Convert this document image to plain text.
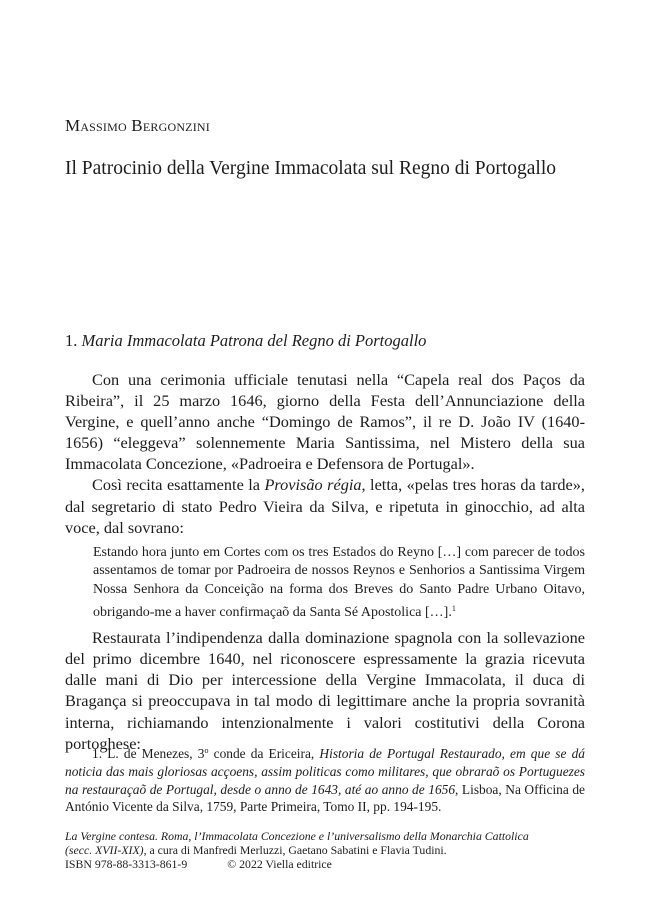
Massimo Bergonzini
Il Patrocinio della Vergine Immacolata sul Regno di Portogallo
1. Maria Immacolata Patrona del Regno di Portogallo

Con una cerimonia ufficiale tenutasi nella “Capela real dos Paços da Ribeira”, il 25 marzo 1646, giorno della Festa dell’Annunciazione della Vergine, e quell’anno anche “Domingo de Ramos”, il re D. João IV (1640-1656) “eleggeva” solennemente Maria Santissima, nel Mistero della sua Immacolata Concezione, «Padroeira e Defensora de Portugal».

Così recita esattamente la Provisão régia, letta, «pelas tres horas da tarde», dal segretario di stato Pedro Vieira da Silva, e ripetuta in ginocchio, ad alta voce, dal sovrano:

Estando hora junto em Cortes com os tres Estados do Reyno […] com parecer de todos assentamos de tomar por Padroeira de nossos Reynos e Senhorios a Santissima Virgem Nossa Senhora da Conceição na forma dos Breves do Santo Padre Urbano Oitavo, obrigando-me a haver confirmaçaõ da Santa Sé Apostolica […].$^1$

Restaurata l’indipendenza dalla dominazione spagnola con la sollevazione del primo dicembre 1640, nel riconoscere espressamente la grazia ricevuta dalle mani di Dio per intercessione della Vergine Immacolata, il duca di Bragança si preoccupava in tal modo di legittimare anche la propria sovranità interna, richiamando intenzionalmente i valori costitutivi della Corona portoghese:

1. L. de Menezes, 3$^o$ conde da Ericeira, Historia de Portugal Restaurado, em que se dá noticia das mais gloriosas acçoens, assim politicas como militares, que obraraõ os Portuguezes na restauraçaõ de Portugal, desde o anno de 1643, até ao anno de 1656, Lisboa, Na Officina de António Vicente da Silva, 1759, Parte Primeira, Tomo II, pp. 194-195.
La Vergine contesa. Roma, l’Immacolata Concezione e l’universalismo della Monarchia Cattolica
(secc. XVII-XIX), a cura di Manfredi Merluzzi, Gaetano Sabatini e Flavia Tudini.
ISBN 978-88-3313-861-9	© 2022 Viella editrice
